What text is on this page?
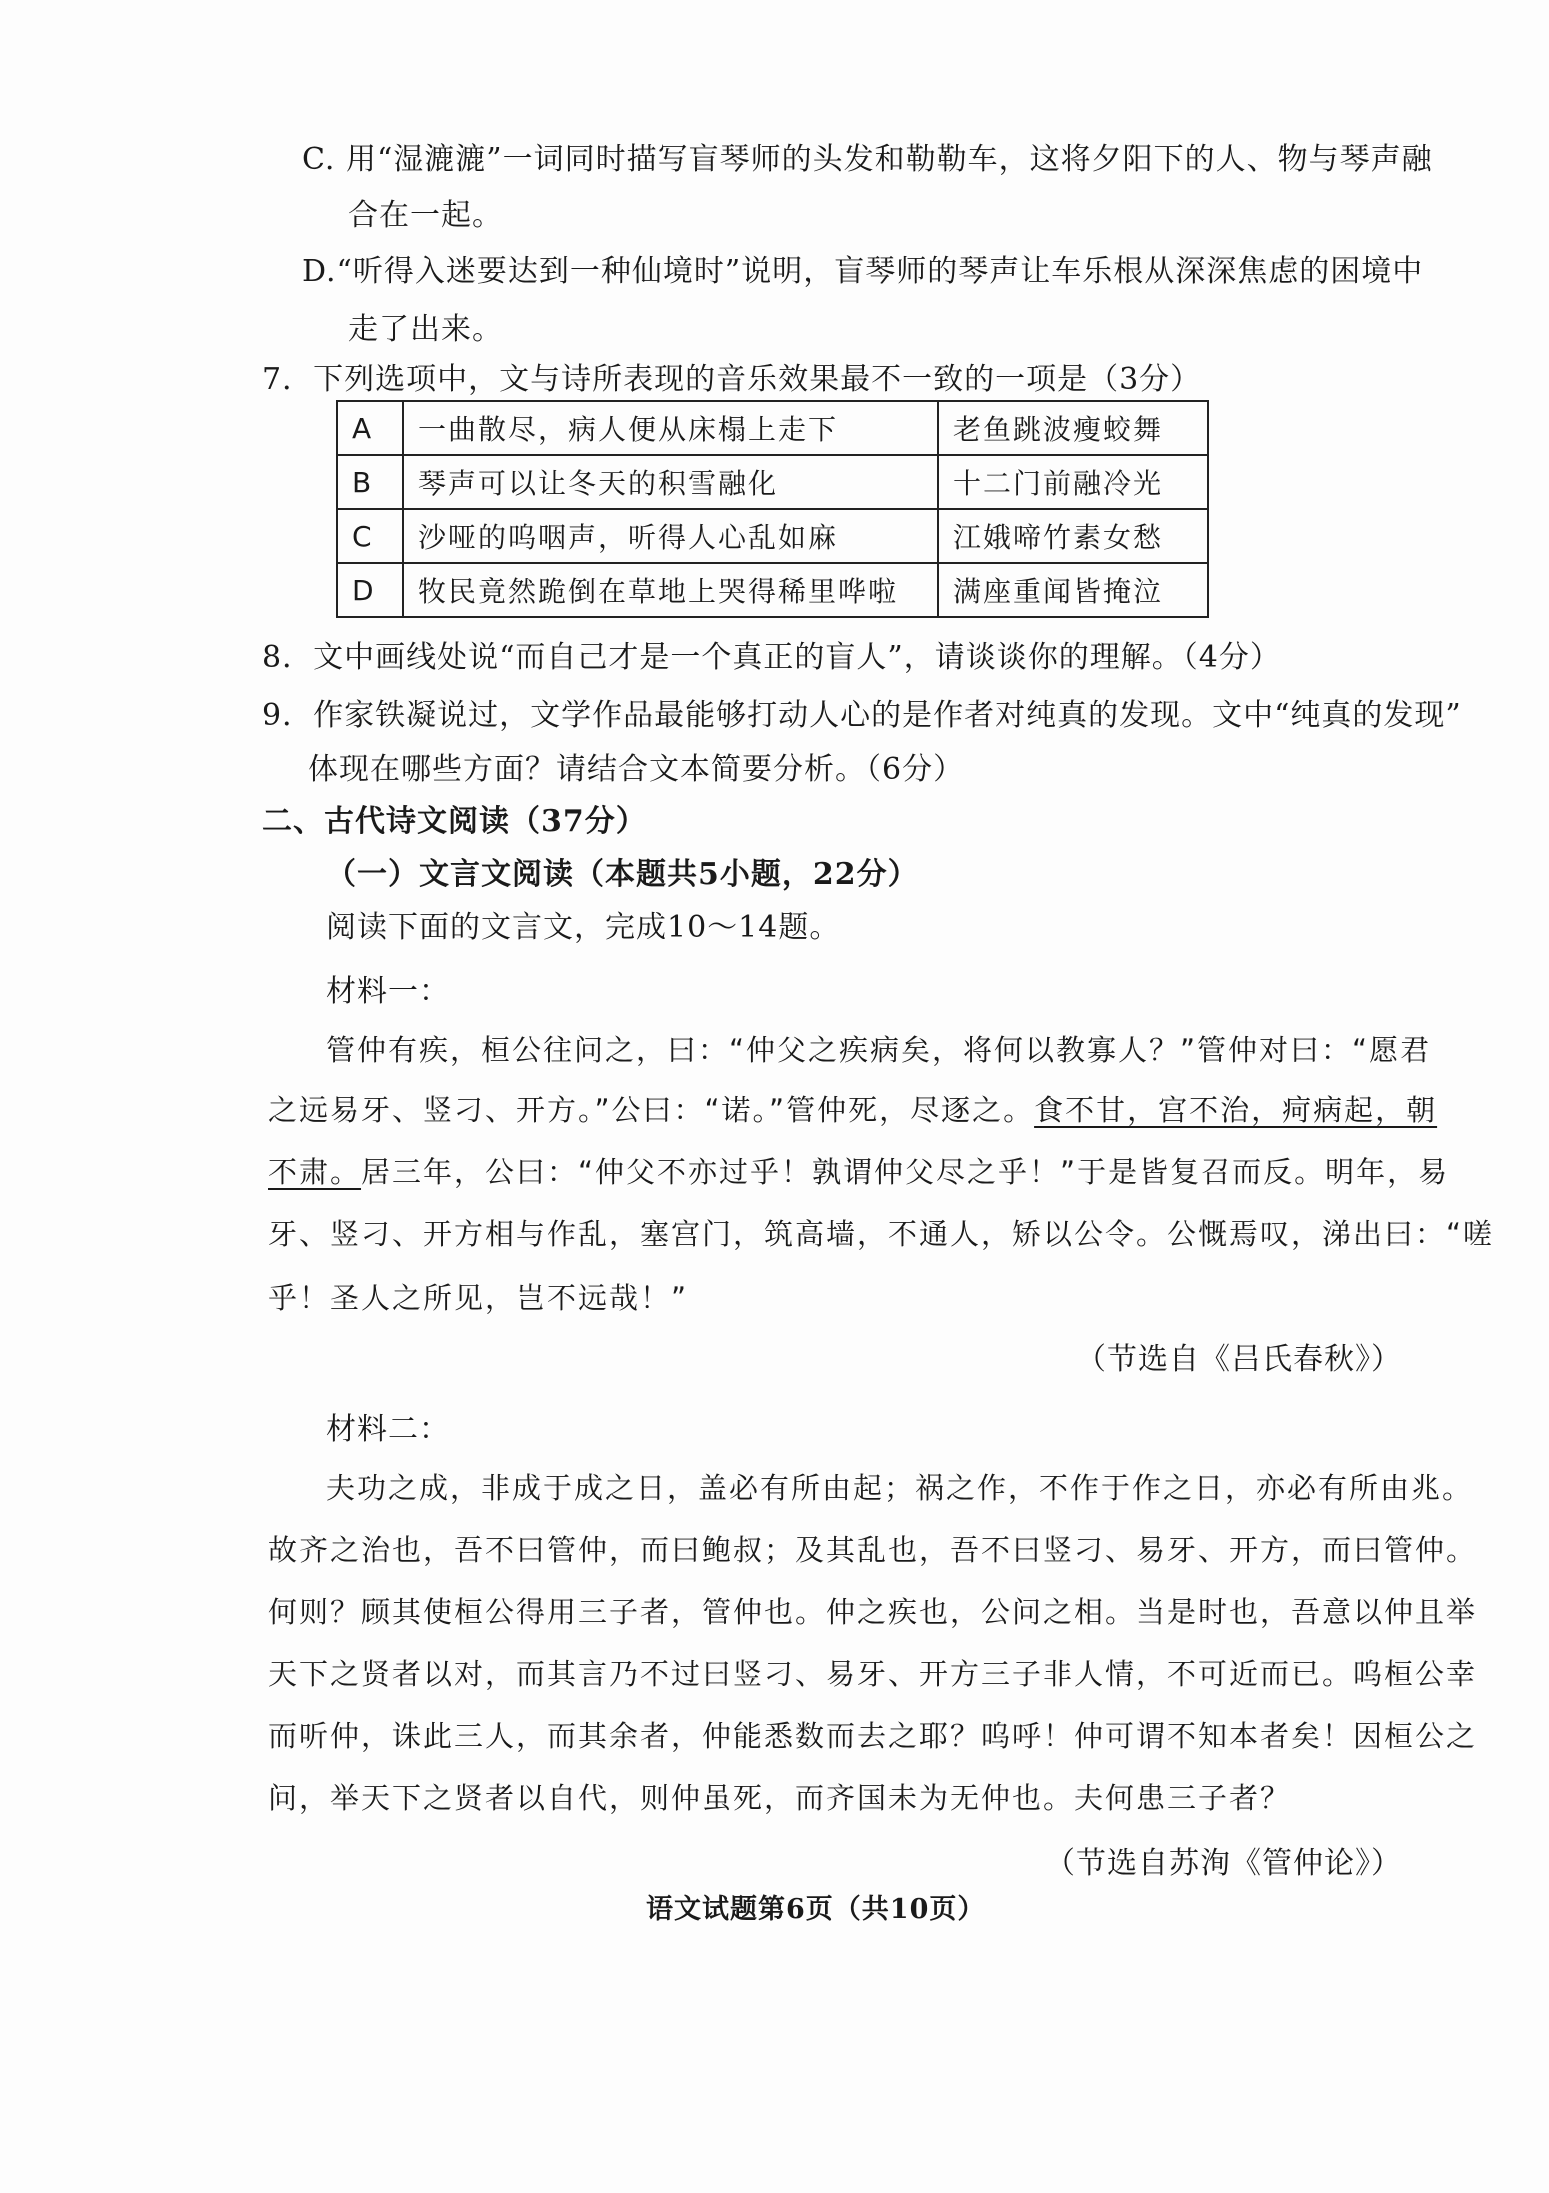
C. 用“湿漉漉”一词同时描写盲琴师的头发和勒勒车，这将夕阳下的人、物与琴声融
合在一起。
D.“听得入迷要达到一种仙境时”说明，盲琴师的琴声让车乐根从深深焦虑的困境中
走了出来。
7．下列选项中，文与诗所表现的音乐效果最不一致的一项是（3分）
A	一曲散尽，病人便从床榻上走下	老鱼跳波瘦蛟舞
B	琴声可以让冬天的积雪融化	十二门前融冷光
C	沙哑的呜咽声，听得人心乱如麻	江娥啼竹素女愁
D	牧民竟然跪倒在草地上哭得稀里哗啦	满座重闻皆掩泣
8．文中画线处说“而自己才是一个真正的盲人”，请谈谈你的理解。（4分）
9．作家铁凝说过，文学作品最能够打动人心的是作者对纯真的发现。文中“纯真的发现”
体现在哪些方面？请结合文本简要分析。（6分）
二、古代诗文阅读（37分）
（一）文言文阅读（本题共5小题，22分）
阅读下面的文言文，完成10～14题。
材料一：
管仲有疾，桓公往问之，曰：“仲父之疾病矣，将何以教寡人？”管仲对曰：“愿君
之远易牙、竖刁、开方。”公曰：“诺。”管仲死，尽逐之。食不甘，宫不治，疴病起，朝
不肃。居三年，公曰：“仲父不亦过乎！孰谓仲父尽之乎！”于是皆复召而反。明年，易
牙、竖刁、开方相与作乱，塞宫门，筑高墙，不通人，矫以公令。公慨焉叹，涕出曰：“嗟
乎！圣人之所见，岂不远哉！”
（节选自《吕氏春秋》）
材料二：
夫功之成，非成于成之日，盖必有所由起；祸之作，不作于作之日，亦必有所由兆。
故齐之治也，吾不曰管仲，而曰鲍叔；及其乱也，吾不曰竖刁、易牙、开方，而曰管仲。
何则？顾其使桓公得用三子者，管仲也。仲之疾也，公问之相。当是时也，吾意以仲且举
天下之贤者以对，而其言乃不过曰竖刁、易牙、开方三子非人情，不可近而已。呜桓公幸
而听仲，诛此三人，而其余者，仲能悉数而去之耶？呜呼！仲可谓不知本者矣！因桓公之
问，举天下之贤者以自代，则仲虽死，而齐国未为无仲也。夫何患三子者？
（节选自苏洵《管仲论》）
语文试题第6页（共10页）
